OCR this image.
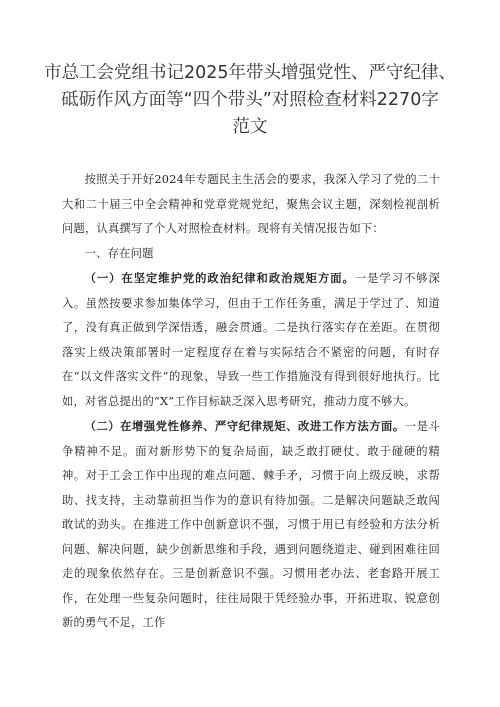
市总工会党组书记2025年带头增强党性、严守纪律、
砥砺作风方面等“四个带头”对照检查材料2270字
范文

按照关于开好2024年专题民主生活会的要求，我深入学习了党的二十大和二十届三中全会精神和党章党规党纪，聚焦会议主题，深刻检视剖析问题，认真撰写了个人对照检查材料。现将有关情况报告如下：

一、存在问题

（一）在坚定维护党的政治纪律和政治规矩方面。一是学习不够深入。虽然按要求参加集体学习，但由于工作任务重，满足于学过了、知道了，没有真正做到学深悟透，融会贯通。二是执行落实存在差距。在贯彻落实上级决策部署时一定程度存在着与实际结合不紧密的问题，有时存在“以文件落实文件”的现象，导致一些工作措施没有得到很好地执行。比如，对省总提出的“X”工作目标缺乏深入思考研究，推动力度不够大。

（二）在增强党性修养、严守纪律规矩、改进工作方法方面。一是斗争精神不足。面对新形势下的复杂局面，缺乏敢打硬仗、敢于碰硬的精神。对于工会工作中出现的难点问题、棘手矛，习惯于向上级反映，求帮助、找支持，主动靠前担当作为的意识有待加强。二是解决问题缺乏敢闯敢试的劲头。在推进工作中创新意识不强，习惯于用已有经验和方法分析问题、解决问题，缺少创新思维和手段，遇到问题绕道走、碰到困难往回走的现象依然存在。三是创新意识不强。习惯用老办法、老套路开展工作，在处理一些复杂问题时，往往局限于凭经验办事，开拓进取、锐意创新的勇气不足，工作
